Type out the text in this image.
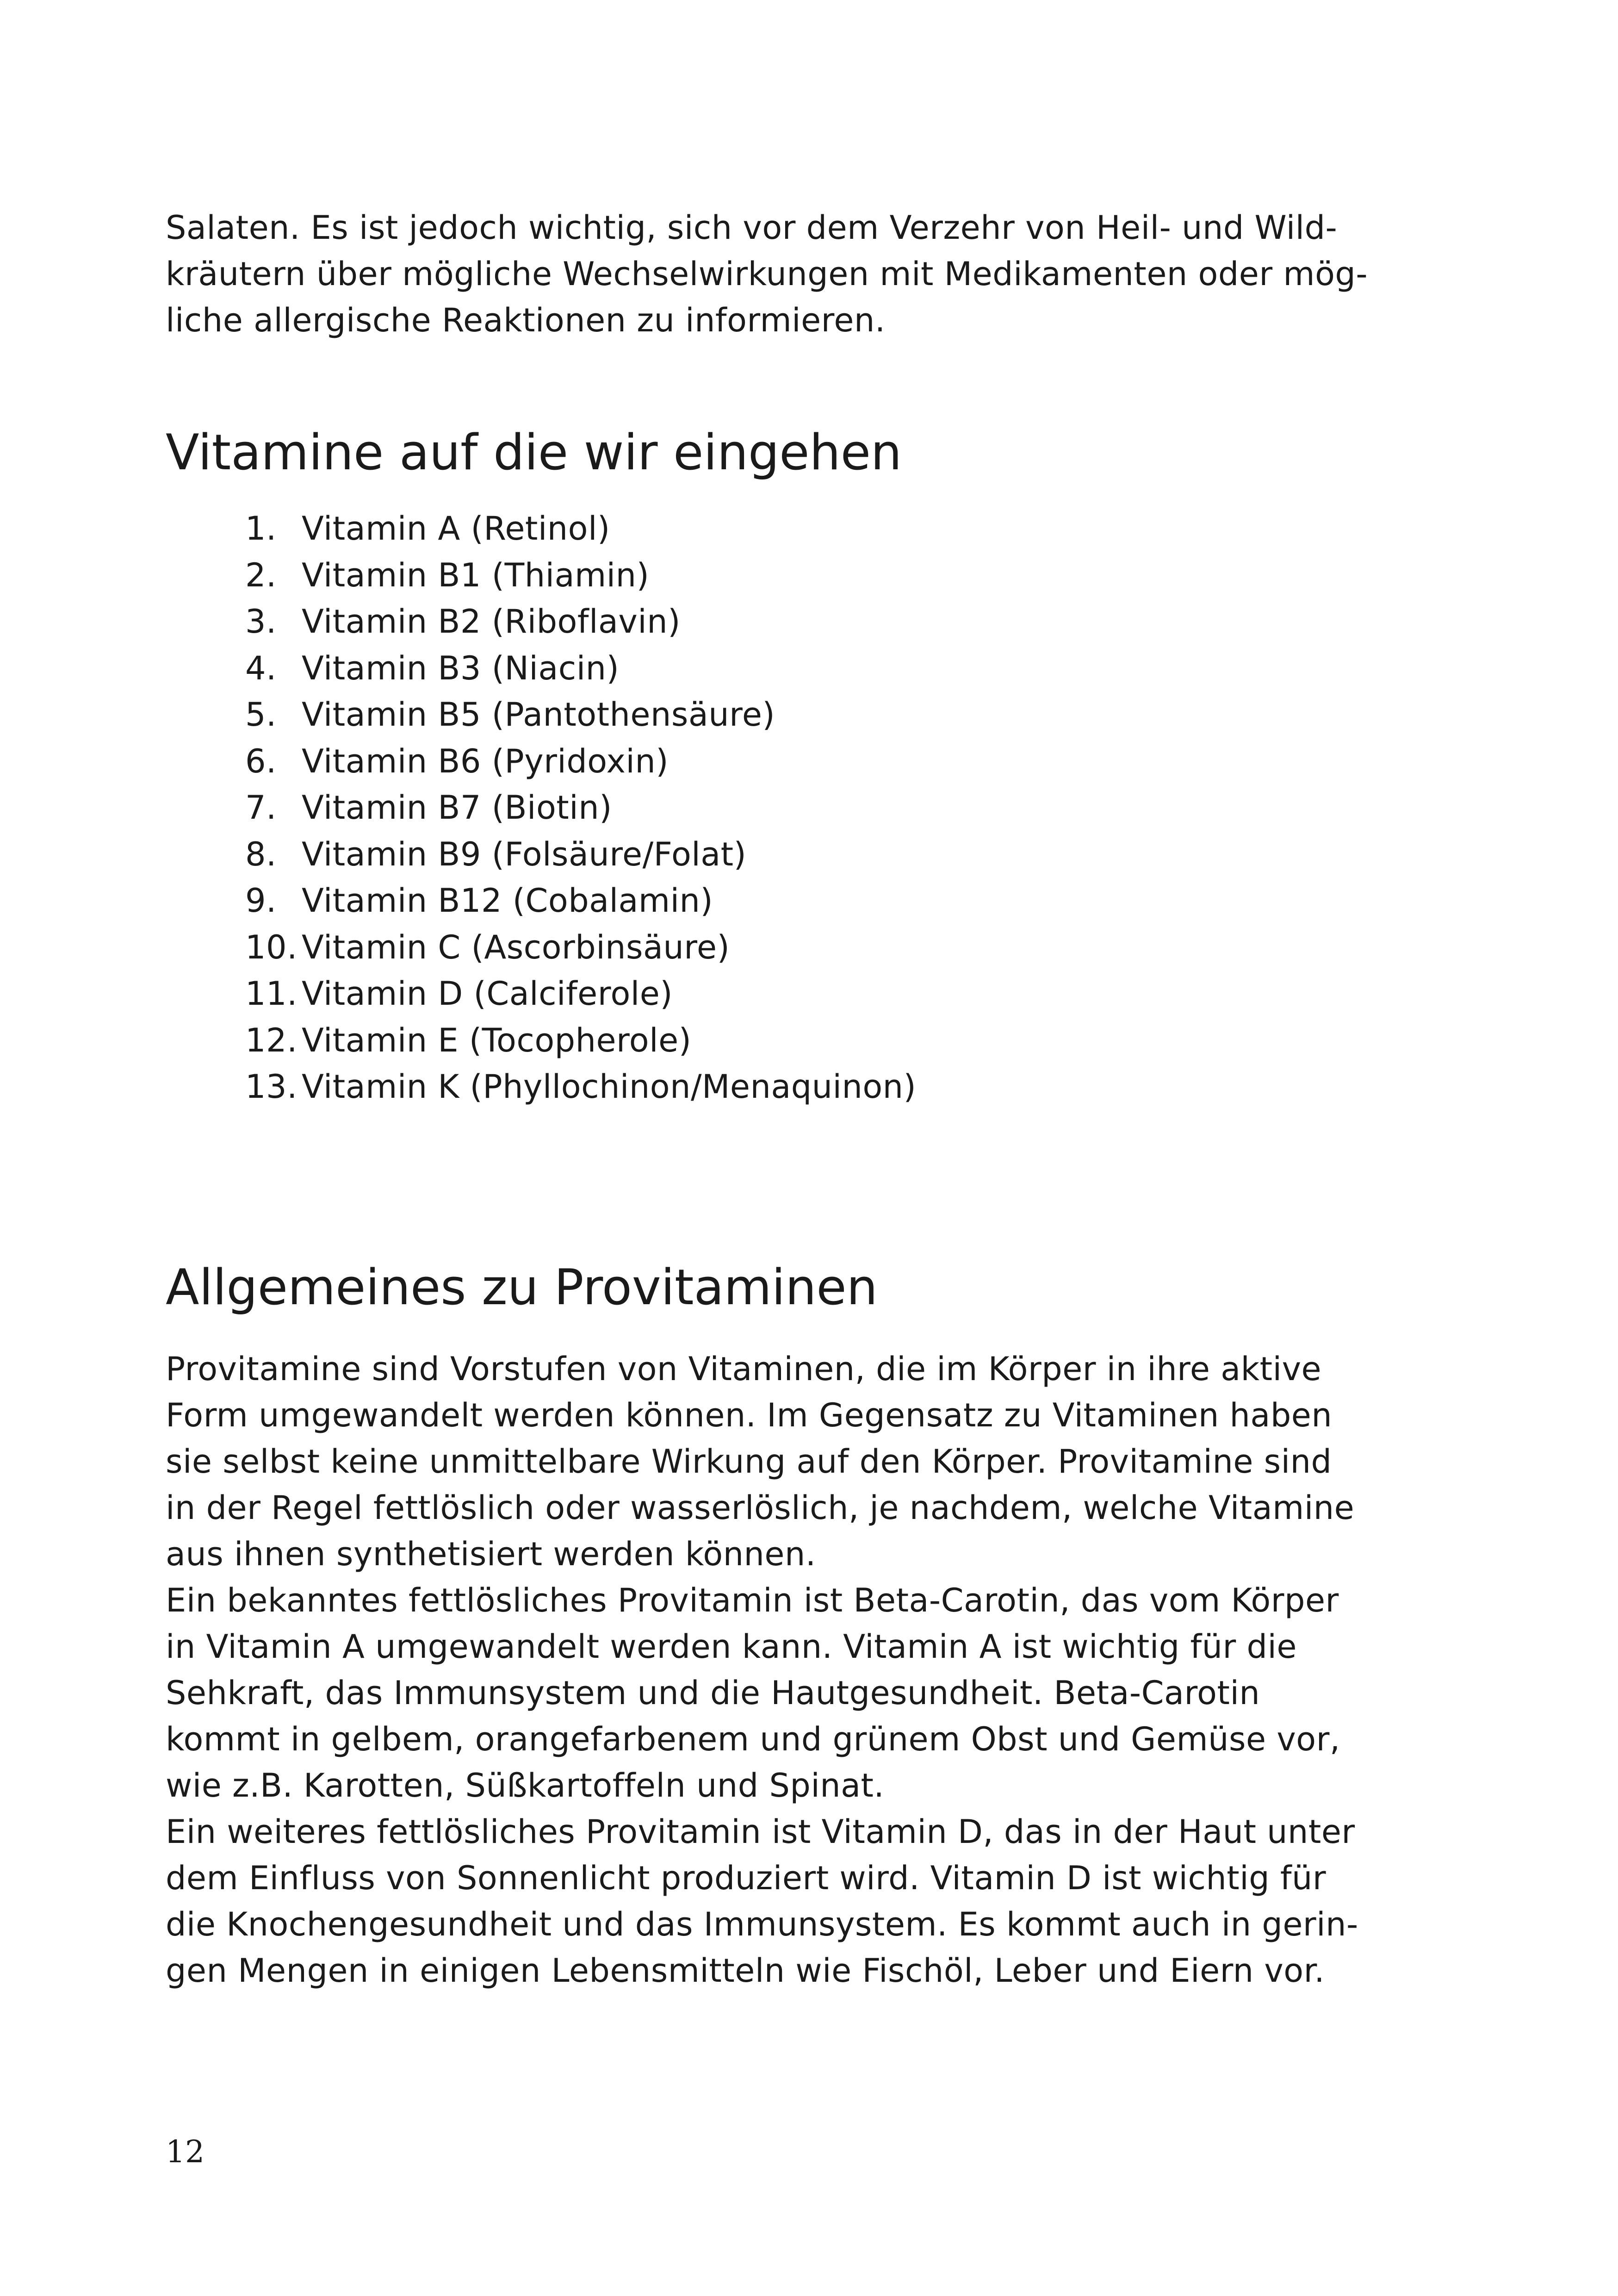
Salaten. Es ist jedoch wichtig, sich vor dem Verzehr von Heil- und Wild-
kräutern über mögliche Wechselwirkungen mit Medikamenten oder mög-
liche allergische Reaktionen zu informieren.
Vitamine auf die wir eingehen
1. Vitamin A (Retinol)
2. Vitamin B1 (Thiamin)
3. Vitamin B2 (Riboflavin)
4. Vitamin B3 (Niacin)
5. Vitamin B5 (Pantothensäure)
6. Vitamin B6 (Pyridoxin)
7. Vitamin B7 (Biotin)
8. Vitamin B9 (Folsäure/Folat)
9. Vitamin B12 (Cobalamin)
10. Vitamin C (Ascorbinsäure)
11. Vitamin D (Calciferole)
12. Vitamin E (Tocopherole)
13. Vitamin K (Phyllochinon/Menaquinon)
Allgemeines zu Provitaminen
Provitamine sind Vorstufen von Vitaminen, die im Körper in ihre aktive
Form umgewandelt werden können. Im Gegensatz zu Vitaminen haben
sie selbst keine unmittelbare Wirkung auf den Körper. Provitamine sind
in der Regel fettlöslich oder wasserlöslich, je nachdem, welche Vitamine
aus ihnen synthetisiert werden können.
Ein bekanntes fettlösliches Provitamin ist Beta-Carotin, das vom Körper
in Vitamin A umgewandelt werden kann. Vitamin A ist wichtig für die
Sehkraft, das Immunsystem und die Hautgesundheit. Beta-Carotin
kommt in gelbem, orangefarbenem und grünem Obst und Gemüse vor,
wie z.B. Karotten, Süßkartoffeln und Spinat.
Ein weiteres fettlösliches Provitamin ist Vitamin D, das in der Haut unter
dem Einfluss von Sonnenlicht produziert wird. Vitamin D ist wichtig für
die Knochengesundheit und das Immunsystem. Es kommt auch in gerin-
gen Mengen in einigen Lebensmitteln wie Fischöl, Leber und Eiern vor.
12
